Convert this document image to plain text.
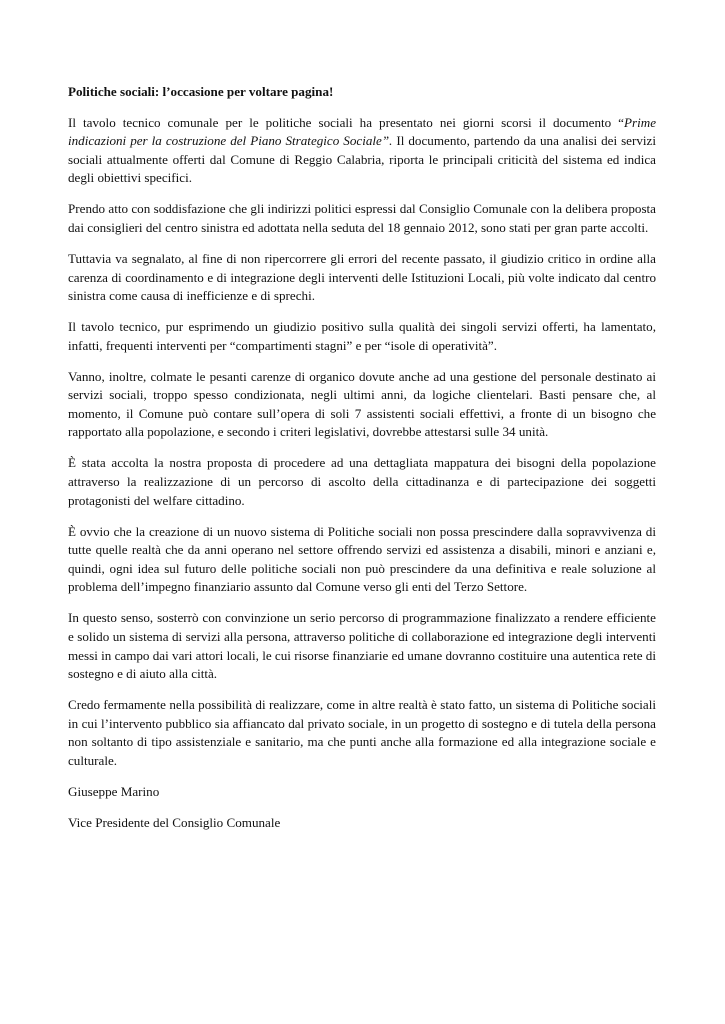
Politiche sociali: l’occasione per voltare pagina!

Il tavolo tecnico comunale per le politiche sociali ha presentato nei giorni scorsi il documento “Prime indicazioni per la costruzione del Piano Strategico Sociale”. Il documento, partendo da una analisi dei servizi sociali attualmente offerti dal Comune di Reggio Calabria, riporta le principali criticità del sistema ed indica degli obiettivi specifici.

Prendo atto con soddisfazione che gli indirizzi politici espressi dal Consiglio Comunale con la delibera proposta dai consiglieri del centro sinistra ed adottata nella seduta del 18 gennaio 2012, sono stati per gran parte accolti.

Tuttavia va segnalato, al fine di non ripercorrere gli errori del recente passato, il giudizio critico in ordine alla carenza di coordinamento e di integrazione degli interventi delle Istituzioni Locali, più volte indicato dal centro sinistra come causa di inefficienze e di sprechi.

Il tavolo tecnico, pur esprimendo un giudizio positivo sulla qualità dei singoli servizi offerti, ha lamentato, infatti, frequenti interventi per “compartimenti stagni” e per “isole di operatività”.

Vanno, inoltre, colmate le pesanti carenze di organico dovute anche ad una gestione del personale destinato ai servizi sociali, troppo spesso condizionata, negli ultimi anni, da logiche clientelari. Basti pensare che, al momento, il Comune può contare sull’opera di soli 7 assistenti sociali effettivi, a fronte di un bisogno che rapportato alla popolazione, e secondo i criteri legislativi, dovrebbe attestarsi sulle 34 unità.

È stata accolta la nostra proposta di procedere ad una dettagliata mappatura dei bisogni della popolazione attraverso la realizzazione di un percorso di ascolto della cittadinanza e di partecipazione dei soggetti protagonisti del welfare cittadino.

È ovvio che la creazione di un nuovo sistema di Politiche sociali non possa prescindere dalla sopravvivenza di tutte quelle realtà che da anni operano nel settore offrendo servizi ed assistenza a disabili, minori e anziani e, quindi, ogni idea sul futuro delle politiche sociali non può prescindere da una definitiva e reale soluzione al problema dell’impegno finanziario assunto dal Comune verso gli enti del Terzo Settore.

In questo senso, sosterrò con convinzione un serio percorso di programmazione finalizzato a rendere efficiente e solido un sistema di servizi alla persona, attraverso politiche di collaborazione ed integrazione degli interventi messi in campo dai vari attori locali, le cui risorse finanziarie ed umane dovranno costituire una autentica rete di sostegno e di aiuto alla città.

Credo fermamente nella possibilità di realizzare, come in altre realtà è stato fatto, un sistema di Politiche sociali in cui l’intervento pubblico sia affiancato dal privato sociale, in un progetto di sostegno e di tutela della persona non soltanto di tipo assistenziale e sanitario, ma che punti anche alla formazione ed alla integrazione sociale e culturale.

Giuseppe Marino

Vice Presidente del Consiglio Comunale
